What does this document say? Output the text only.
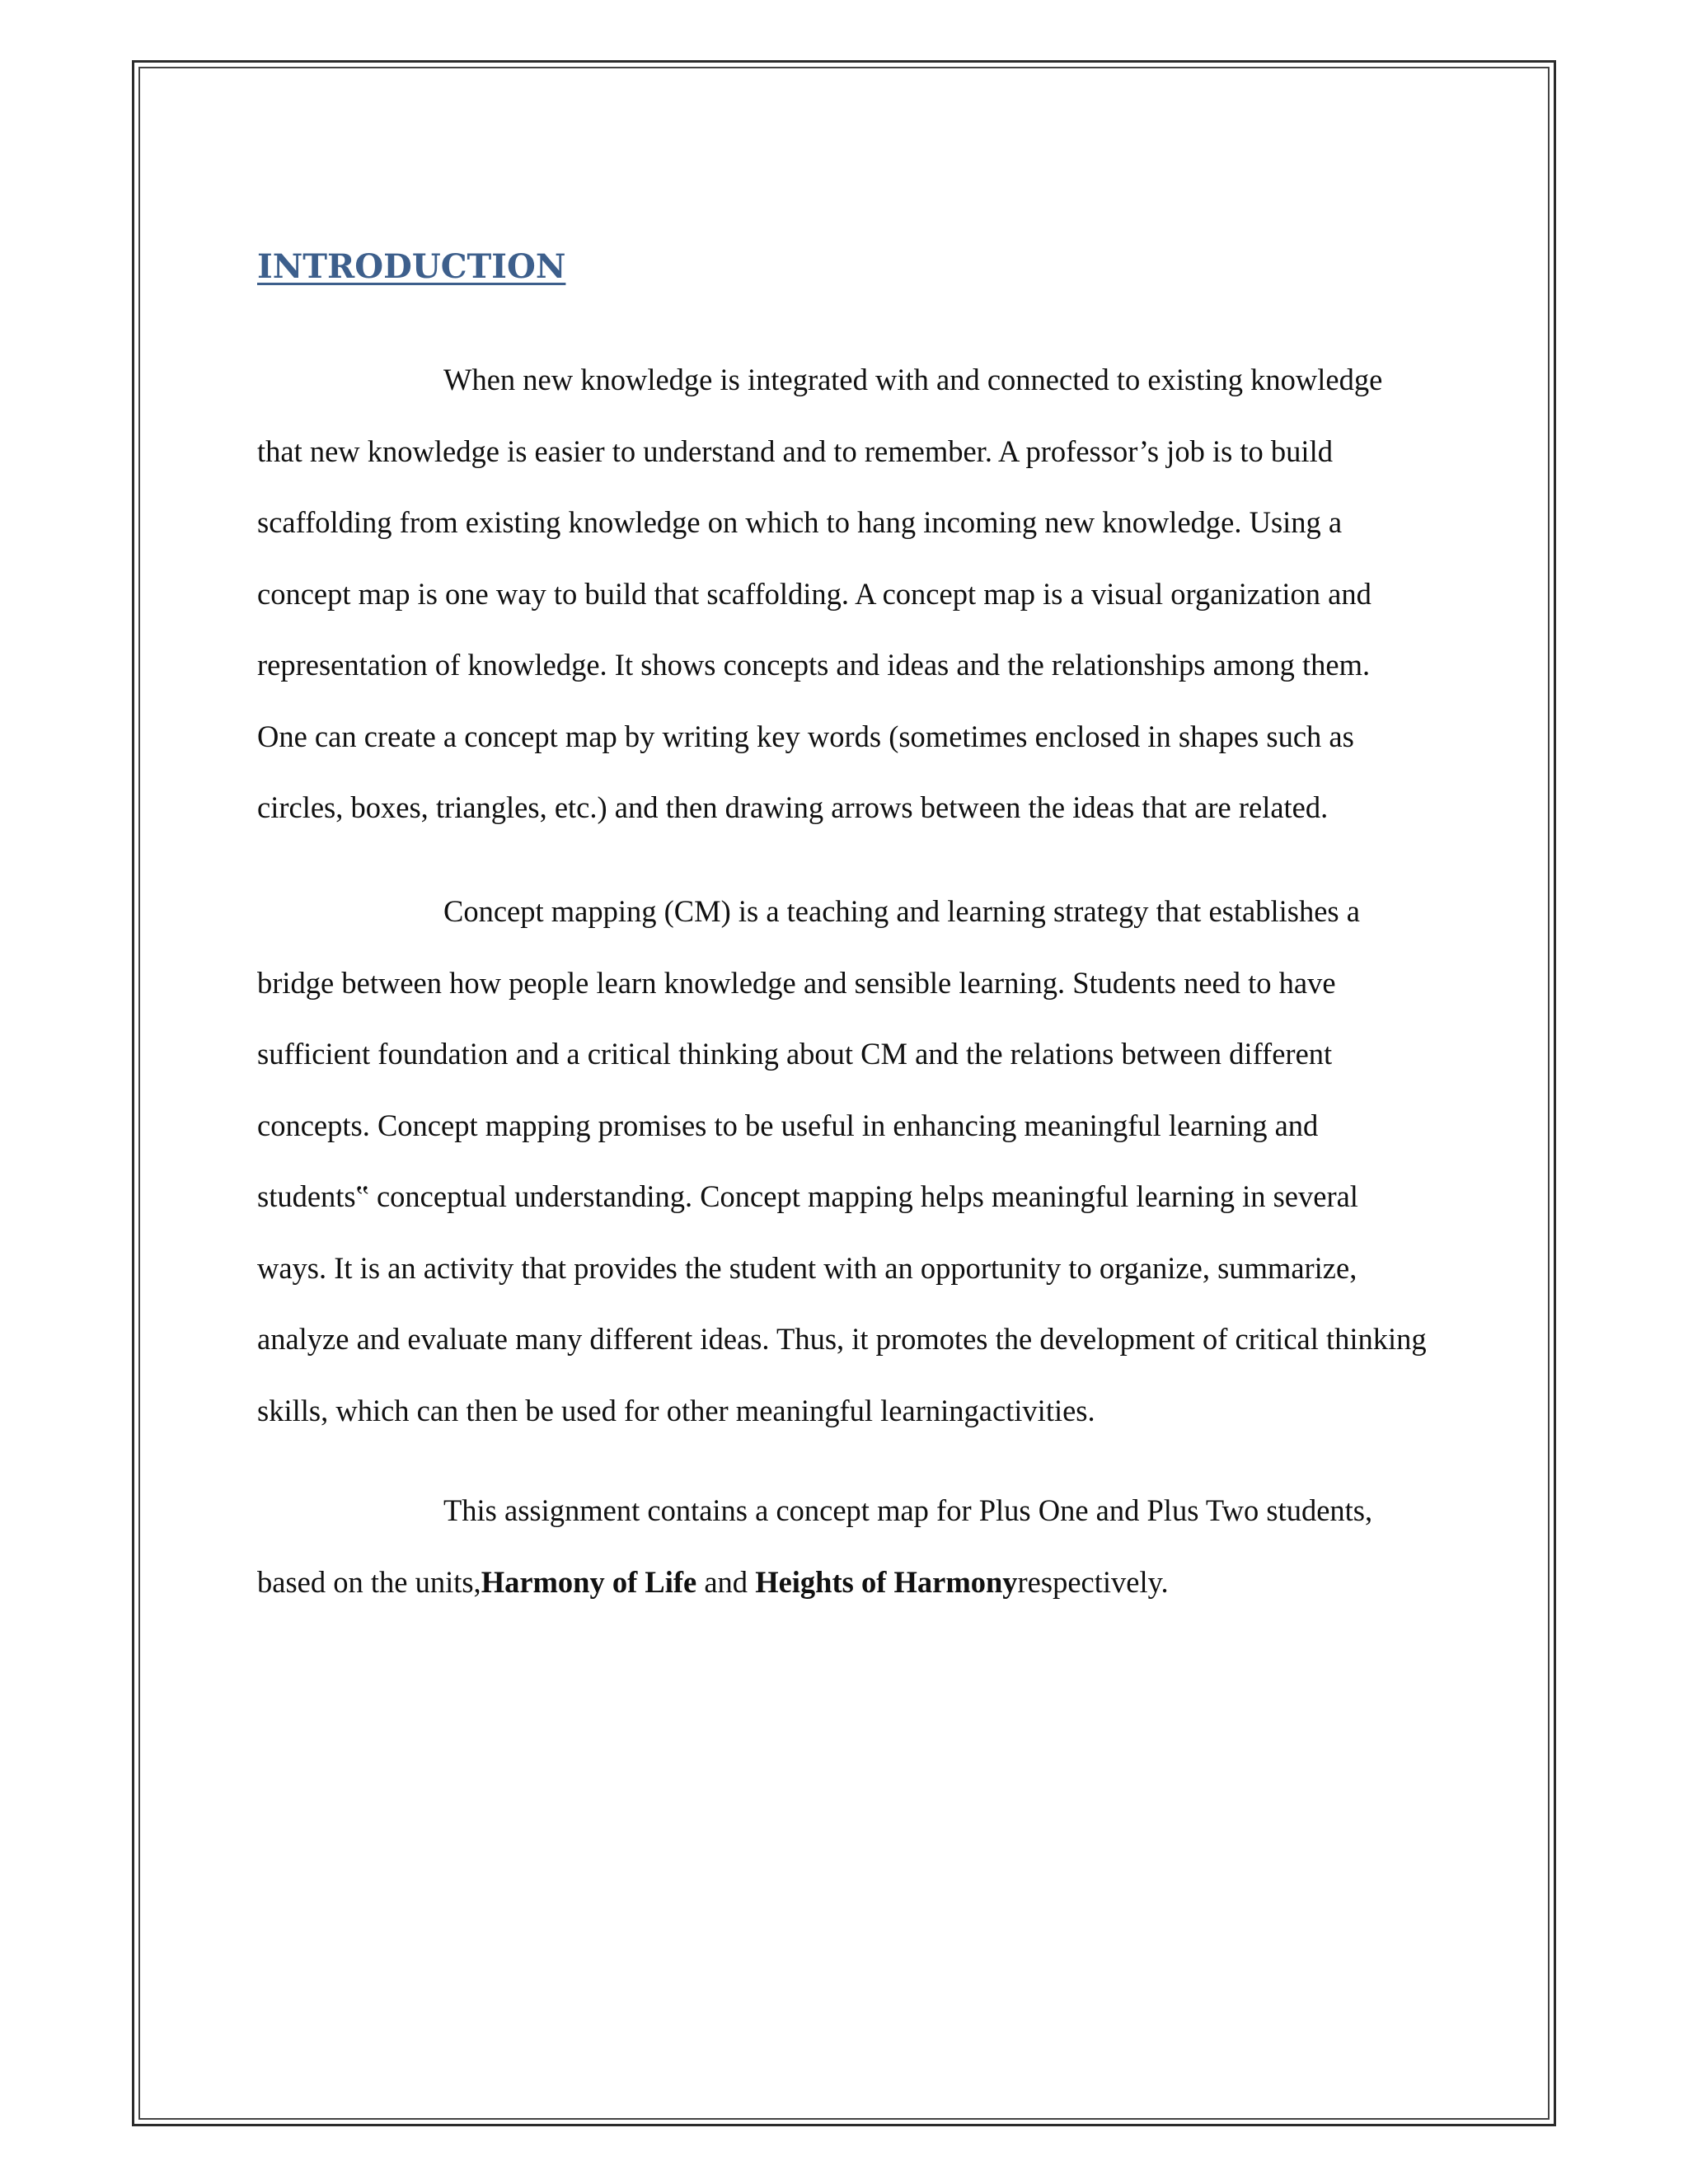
INTRODUCTION

When new knowledge is integrated with and connected to existing knowledge that new knowledge is easier to understand and to remember. A professor’s job is to build scaffolding from existing knowledge on which to hang incoming new knowledge. Using a concept map is one way to build that scaffolding. A concept map is a visual organization and representation of knowledge. It shows concepts and ideas and the relationships among them. One can create a concept map by writing key words (sometimes enclosed in shapes such as circles, boxes, triangles, etc.) and then drawing arrows between the ideas that are related.

Concept mapping (CM) is a teaching and learning strategy that establishes a bridge between how people learn knowledge and sensible learning. Students need to have sufficient foundation and a critical thinking about CM and the relations between different concepts. Concept mapping promises to be useful in enhancing meaningful learning and students‟ conceptual understanding. Concept mapping helps meaningful learning in several ways. It is an activity that provides the student with an opportunity to organize, summarize, analyze and evaluate many different ideas. Thus, it promotes the development of critical thinking skills, which can then be used for other meaningful learningactivities.

This assignment contains a concept map for Plus One and Plus Two students, based on the units,Harmony of Life and Heights of Harmonyrespectively.
